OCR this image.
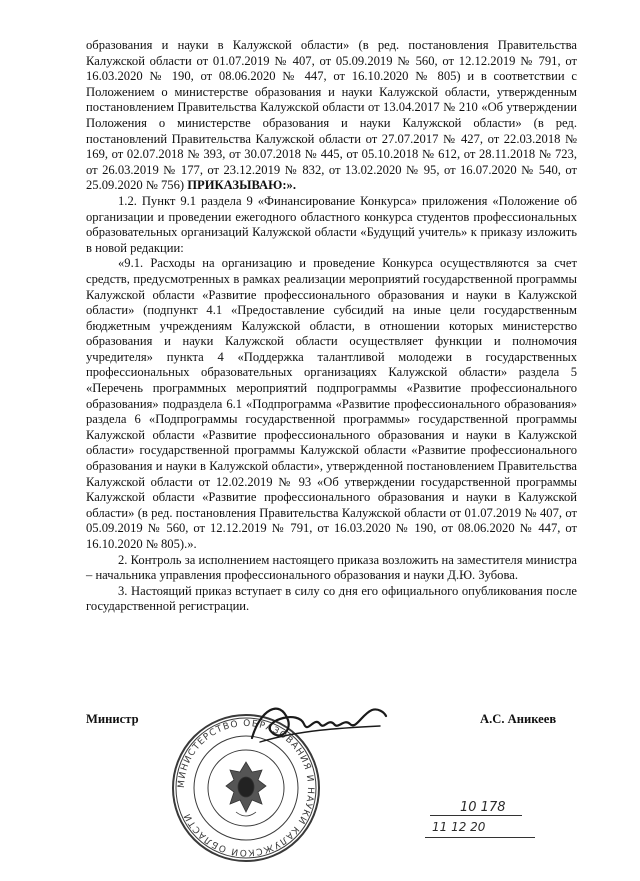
образования и науки в Калужской области» (в ред. постановления Правительства Калужской области от 01.07.2019 № 407, от 05.09.2019 № 560, от 12.12.2019 № 791, от 16.03.2020 № 190, от 08.06.2020 № 447, от 16.10.2020 № 805) и в соответствии с Положением о министерстве образования и науки Калужской области, утвержденным постановлением Правительства Калужской области от 13.04.2017 № 210 «Об утверждении Положения о министерстве образования и науки Калужской области» (в ред. постановлений Правительства Калужской области от 27.07.2017 № 427, от 22.03.2018 № 169, от 02.07.2018 № 393, от 30.07.2018 № 445, от 05.10.2018 № 612, от 28.11.2018 № 723, от 26.03.2019 № 177, от 23.12.2019 № 832, от 13.02.2020 № 95, от 16.07.2020 № 540, от 25.09.2020 № 756) ПРИКАЗЫВАЮ:».

1.2. Пункт 9.1 раздела 9 «Финансирование Конкурса» приложения «Положение об организации и проведении ежегодного областного конкурса студентов профессиональных образовательных организаций Калужской области «Будущий учитель» к приказу изложить в новой редакции:

«9.1. Расходы на организацию и проведение Конкурса осуществляются за счет средств, предусмотренных в рамках реализации мероприятий государственной программы Калужской области «Развитие профессионального образования и науки в Калужской области» (подпункт 4.1 «Предоставление субсидий на иные цели государственным бюджетным учреждениям Калужской области, в отношении которых министерство образования и науки Калужской области осуществляет функции и полномочия учредителя» пункта 4 «Поддержка талантливой молодежи в государственных профессиональных образовательных организациях Калужской области» раздела 5 «Перечень программных мероприятий подпрограммы «Развитие профессионального образования» подраздела 6.1 «Подпрограмма «Развитие профессионального образования» раздела 6 «Подпрограммы государственной программы» государственной программы Калужской области «Развитие профессионального образования и науки в Калужской области» государственной программы Калужской области «Развитие профессионального образования и науки в Калужской области», утвержденной постановлением Правительства Калужской области от 12.02.2019 № 93 «Об утверждении государственной программы Калужской области «Развитие профессионального образования и науки в Калужской области» (в ред. постановления Правительства Калужской области от 01.07.2019 № 407, от 05.09.2019 № 560, от 12.12.2019 № 791, от 16.03.2020 № 190, от 08.06.2020 № 447, от 16.10.2020 № 805).».

2. Контроль за исполнением настоящего приказа возложить на заместителя министра – начальника управления профессионального образования и науки Д.Ю. Зубова.

3. Настоящий приказ вступает в силу со дня его официального опубликования после государственной регистрации.

Министр	А.С. Аникеев
МИНИСТЕРСТВО ОБРАЗОВАНИЯ И НАУКИ КАЛУЖСКОЙ ОБЛАСТИ
10 178
11 12 20
